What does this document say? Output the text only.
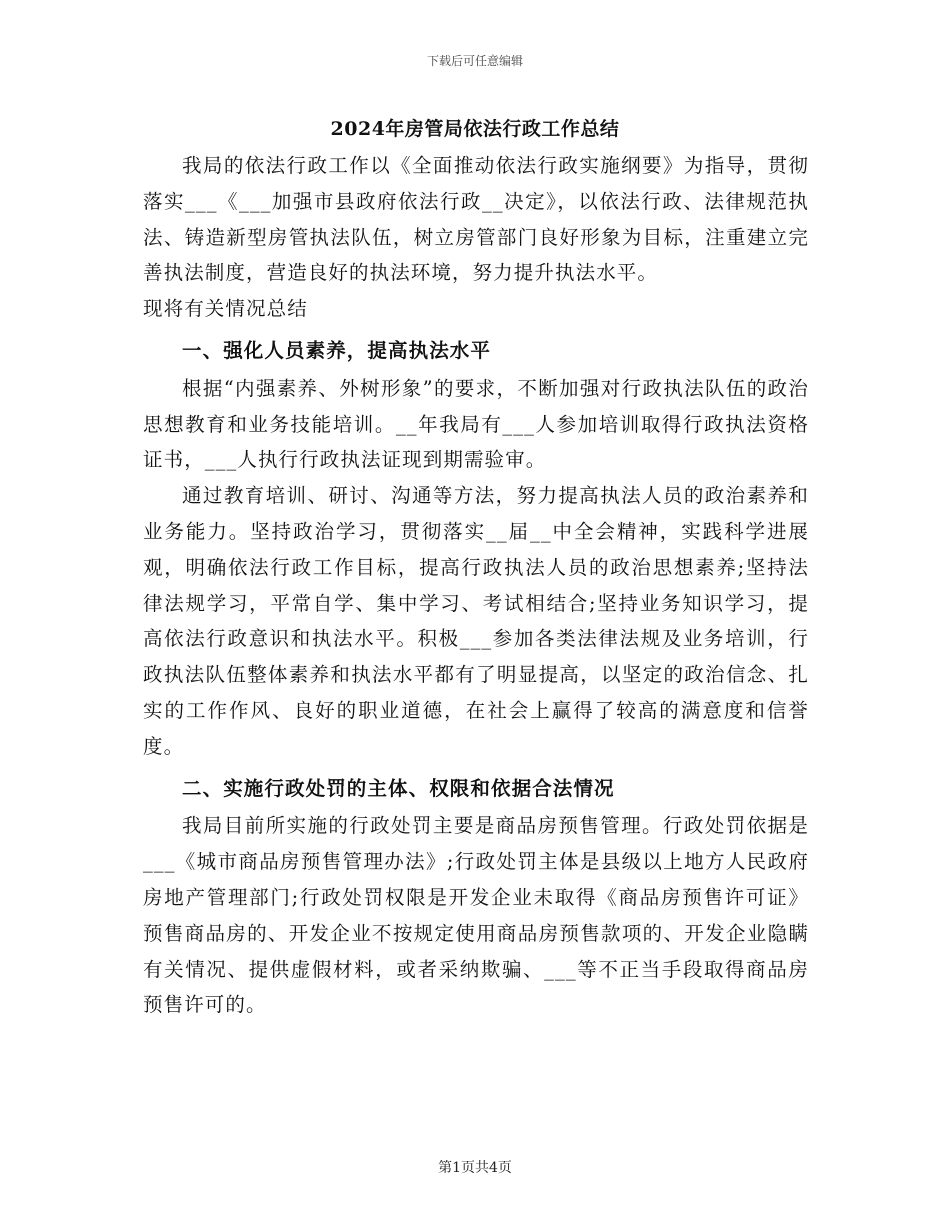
下载后可任意编辑
2024年房管局依法行政工作总结

我局的依法行政工作以《全面推动依法行政实施纲要》为指导，贯彻落实___《___加强市县政府依法行政__决定》，以依法行政、法律规范执法、铸造新型房管执法队伍，树立房管部门良好形象为目标，注重建立完善执法制度，营造良好的执法环境，努力提升执法水平。

现将有关情况总结

一、强化人员素养，提高执法水平

根据“内强素养、外树形象”的要求，不断加强对行政执法队伍的政治思想教育和业务技能培训。__年我局有___人参加培训取得行政执法资格证书，___人执行行政执法证现到期需验审。

通过教育培训、研讨、沟通等方法，努力提高执法人员的政治素养和业务能力。坚持政治学习，贯彻落实__届__中全会精神，实践科学进展观，明确依法行政工作目标，提高行政执法人员的政治思想素养;坚持法律法规学习，平常自学、集中学习、考试相结合;坚持业务知识学习，提高依法行政意识和执法水平。积极___参加各类法律法规及业务培训，行政执法队伍整体素养和执法水平都有了明显提高，以坚定的政治信念、扎实的工作作风、良好的职业道德，在社会上赢得了较高的满意度和信誉度。

二、实施行政处罚的主体、权限和依据合法情况

我局目前所实施的行政处罚主要是商品房预售管理。行政处罚依据是___《城市商品房预售管理办法》;行政处罚主体是县级以上地方人民政府房地产管理部门;行政处罚权限是开发企业未取得《商品房预售许可证》预售商品房的、开发企业不按规定使用商品房预售款项的、开发企业隐瞒有关情况、提供虚假材料，或者采纳欺骗、___等不正当手段取得商品房预售许可的。

第1页共4页
